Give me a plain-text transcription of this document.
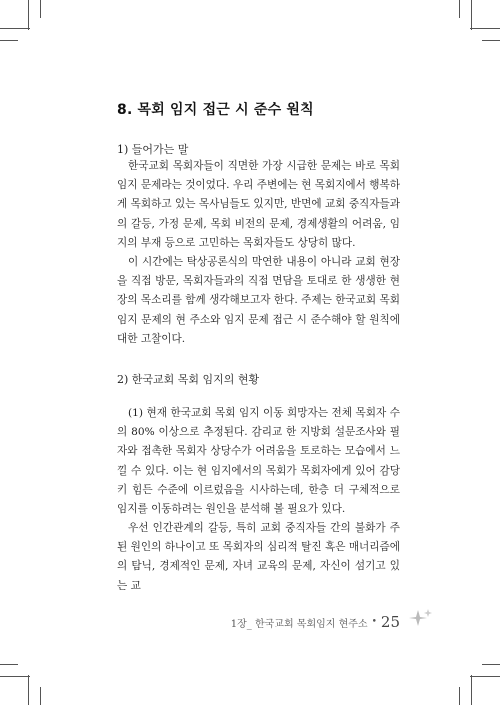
8. 목회 임지 접근 시 준수 원칙
1) 들어가는 말

한국교회 목회자들이 직면한 가장 시급한 문제는 바로 목회 임지 문제라는 것이었다. 우리 주변에는 현 목회지에서 행복하게 목회하고 있는 목사님들도 있지만, 반면에 교회 중직자들과의 갈등, 가정 문제, 목회 비전의 문제, 경제생활의 어려움, 임지의 부재 등으로 고민하는 목회자들도 상당히 많다.

이 시간에는 탁상공론식의 막연한 내용이 아니라 교회 현장을 직접 방문, 목회자들과의 직접 면담을 토대로 한 생생한 현장의 목소리를 함께 생각해보고자 한다. 주제는 한국교회 목회 임지 문제의 현 주소와 임지 문제 접근 시 준수해야 할 원칙에 대한 고찰이다.

2) 한국교회 목회 임지의 현황

(1) 현재 한국교회 목회 임지 이동 희망자는 전체 목회자 수의 80% 이상으로 추정된다. 감리교 한 지방회 설문조사와 필자와 접촉한 목회자 상당수가 어려움을 토로하는 모습에서 느낄 수 있다. 이는 현 임지에서의 목회가 목회자에게 있어 감당키 힘든 수준에 이르렀음을 시사하는데, 한층 더 구체적으로 임지를 이동하려는 원인을 분석해 볼 필요가 있다.

우선 인간관계의 갈등, 특히 교회 중직자들 간의 불화가 주된 원인의 하나이고 또 목회자의 심리적 탈진 혹은 매너리즘에의 탐닉, 경제적인 문제, 자녀 교육의 문제, 자신이 섬기고 있는 교

1장_ 한국교회 목회임지 현주소 • 25
